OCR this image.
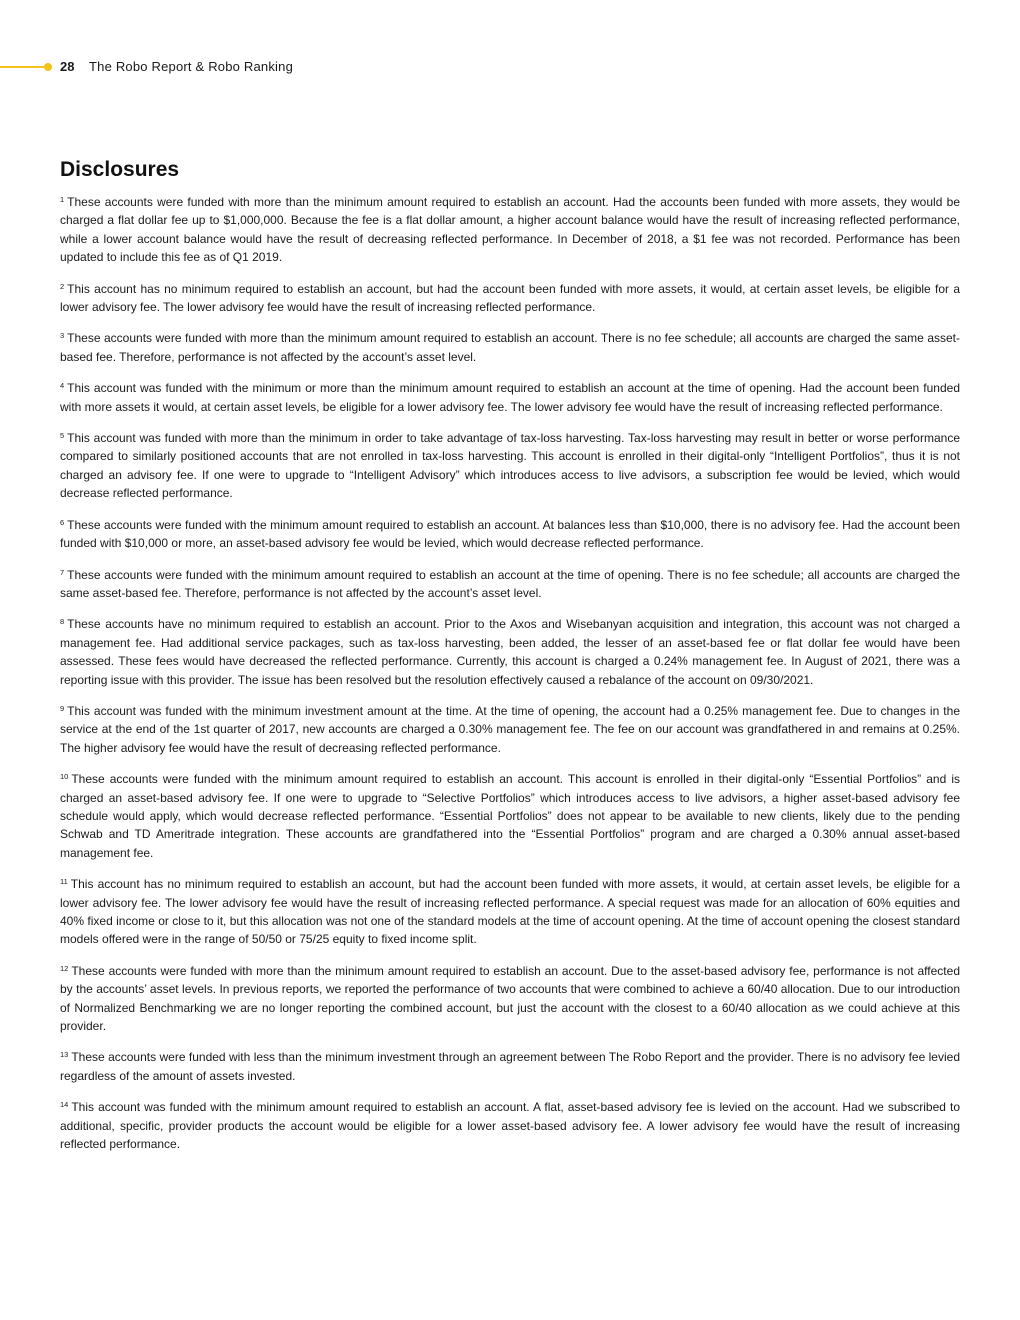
28 The Robo Report & Robo Ranking
Disclosures

$^1$ These accounts were funded with more than the minimum amount required to establish an account. Had the accounts been funded with more assets, they would be charged a flat dollar fee up to $1,000,000. Because the fee is a flat dollar amount, a higher account balance would have the result of increasing reflected performance, while a lower account balance would have the result of decreasing reflected performance. In December of 2018, a $1 fee was not recorded. Performance has been updated to include this fee as of Q1 2019.

$^2$ This account has no minimum required to establish an account, but had the account been funded with more assets, it would, at certain asset levels, be eligible for a lower advisory fee. The lower advisory fee would have the result of increasing reflected performance.

$^3$ These accounts were funded with more than the minimum amount required to establish an account. There is no fee schedule; all accounts are charged the same asset-based fee. Therefore, performance is not affected by the account’s asset level.

$^4$ This account was funded with the minimum or more than the minimum amount required to establish an account at the time of opening. Had the account been funded with more assets it would, at certain asset levels, be eligible for a lower advisory fee. The lower advisory fee would have the result of increasing reflected performance.

$^5$ This account was funded with more than the minimum in order to take advantage of tax-loss harvesting. Tax-loss harvesting may result in better or worse performance compared to similarly positioned accounts that are not enrolled in tax-loss harvesting. This account is enrolled in their digital-only “Intelligent Portfolios”, thus it is not charged an advisory fee. If one were to upgrade to “Intelligent Advisory” which introduces access to live advisors, a subscription fee would be levied, which would decrease reflected performance.

$^6$ These accounts were funded with the minimum amount required to establish an account. At balances less than $10,000, there is no advisory fee. Had the account been funded with $10,000 or more, an asset-based advisory fee would be levied, which would decrease reflected performance.

$^7$ These accounts were funded with the minimum amount required to establish an account at the time of opening. There is no fee schedule; all accounts are charged the same asset-based fee. Therefore, performance is not affected by the account’s asset level.

$^8$ These accounts have no minimum required to establish an account. Prior to the Axos and Wisebanyan acquisition and integration, this account was not charged a management fee. Had additional service packages, such as tax-loss harvesting, been added, the lesser of an asset-based fee or flat dollar fee would have been assessed. These fees would have decreased the reflected performance. Currently, this account is charged a 0.24% management fee. In August of 2021, there was a reporting issue with this provider. The issue has been resolved but the resolution effectively caused a rebalance of the account on 09/30/2021.

$^9$ This account was funded with the minimum investment amount at the time. At the time of opening, the account had a 0.25% management fee. Due to changes in the service at the end of the 1st quarter of 2017, new accounts are charged a 0.30% management fee. The fee on our account was grandfathered in and remains at 0.25%. The higher advisory fee would have the result of decreasing reflected performance.

$^{10}$ These accounts were funded with the minimum amount required to establish an account. This account is enrolled in their digital-only “Essential Portfolios” and is charged an asset-based advisory fee. If one were to upgrade to “Selective Portfolios” which introduces access to live advisors, a higher asset-based advisory fee schedule would apply, which would decrease reflected performance. “Essential Portfolios” does not appear to be available to new clients, likely due to the pending Schwab and TD Ameritrade integration. These accounts are grandfathered into the “Essential Portfolios” program and are charged a 0.30% annual asset-based management fee.

$^{11}$ This account has no minimum required to establish an account, but had the account been funded with more assets, it would, at certain asset levels, be eligible for a lower advisory fee. The lower advisory fee would have the result of increasing reflected performance. A special request was made for an allocation of 60% equities and 40% fixed income or close to it, but this allocation was not one of the standard models at the time of account opening. At the time of account opening the closest standard models offered were in the range of 50/50 or 75/25 equity to fixed income split.

$^{12}$ These accounts were funded with more than the minimum amount required to establish an account. Due to the asset-based advisory fee, performance is not affected by the accounts’ asset levels. In previous reports, we reported the performance of two accounts that were combined to achieve a 60/40 allocation. Due to our introduction of Normalized Benchmarking we are no longer reporting the combined account, but just the account with the closest to a 60/40 allocation as we could achieve at this provider.

$^{13}$ These accounts were funded with less than the minimum investment through an agreement between The Robo Report and the provider. There is no advisory fee levied regardless of the amount of assets invested.

$^{14}$ This account was funded with the minimum amount required to establish an account. A flat, asset-based advisory fee is levied on the account. Had we subscribed to additional, specific, provider products the account would be eligible for a lower asset-based advisory fee. A lower advisory fee would have the result of increasing reflected performance.
